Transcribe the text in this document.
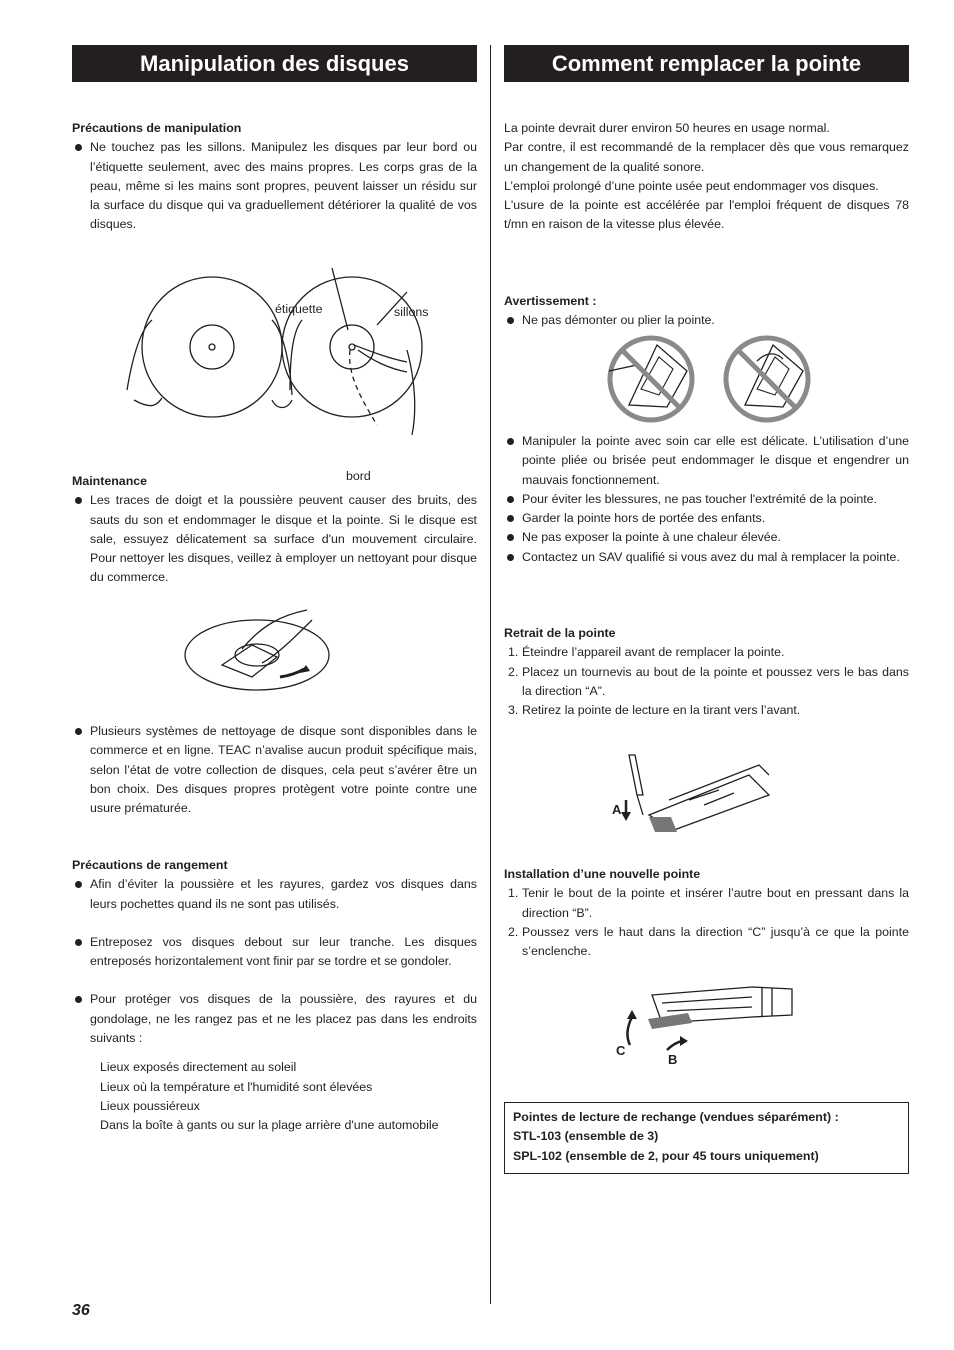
Manipulation des disques
Précautions de manipulation
Ne touchez pas les sillons. Manipulez les disques par leur bord ou l’étiquette seulement, avec des mains propres. Les corps gras de la peau, même si les mains sont propres, peuvent laisser un résidu sur la surface du disque qui va graduellement détériorer la qualité de vos disques.
étiquette	sillons
bord
Maintenance
Les traces de doigt et la poussière peuvent causer des bruits, des sauts du son et endommager le disque et la pointe. Si le disque est sale, essuyez délicatement sa surface d'un mouvement circulaire. Pour nettoyer les disques, veillez à employer un nettoyant pour disque du commerce.
Plusieurs systèmes de nettoyage de disque sont disponibles dans le commerce et en ligne. TEAC n’avalise aucun produit spécifique mais, selon l’état de votre collection de disques, cela peut s’avérer être un bon choix. Des disques propres protègent votre pointe contre une usure prématurée.
Précautions de rangement
Afin d’éviter la poussière et les rayures, gardez vos disques dans leurs pochettes quand ils ne sont pas utilisés.
Entreposez vos disques debout sur leur tranche. Les disques entreposés horizontalement vont finir par se tordre et se gondoler.
Pour protéger vos disques de la poussière, des rayures et du gondolage, ne les rangez pas et ne les placez pas dans les endroits suivants :
Lieux exposés directement au soleil
Lieux où la température et l'humidité sont élevées
Lieux poussiéreux
Dans la boîte à gants ou sur la plage arrière d'une automobile
Comment remplacer la pointe

La pointe devrait durer environ 50 heures en usage normal.

Par contre, il est recommandé de la remplacer dès que vous remarquez un changement de la qualité sonore.

L’emploi prolongé d’une pointe usée peut endommager vos disques.

L'usure de la pointe est accélérée par l'emploi fréquent de disques 78 t/mn en raison de la vitesse plus élevée.

Avertissement :
Ne pas démonter ou plier la pointe.
Manipuler la pointe avec soin car elle est délicate. L’utilisation d’une pointe pliée ou brisée peut endommager le disque et engendrer un mauvais fonctionnement.
Pour éviter les blessures, ne pas toucher l'extrémité de la pointe.
Garder la pointe hors de portée des enfants.
Ne pas exposer la pointe à une chaleur élevée.
Contactez un SAV qualifié si vous avez du mal à remplacer la pointe.
Retrait de la pointe
1. Éteindre l’appareil avant de remplacer la pointe.
2. Placez un tournevis au bout de la pointe et poussez vers le bas dans la direction “A”.
3. Retirez la pointe de lecture en la tirant vers l’avant.
A
Installation d’une nouvelle pointe
1. Tenir le bout de la pointe et insérer l’autre bout en pressant dans la direction “B”.
2. Poussez vers le haut dans la direction “C” jusqu’à ce que la pointe s’enclenche.
C
B
Pointes de lecture de rechange (vendues séparément) :
STL-103 (ensemble de 3)
SPL-102 (ensemble de 2, pour 45 tours uniquement)
36
